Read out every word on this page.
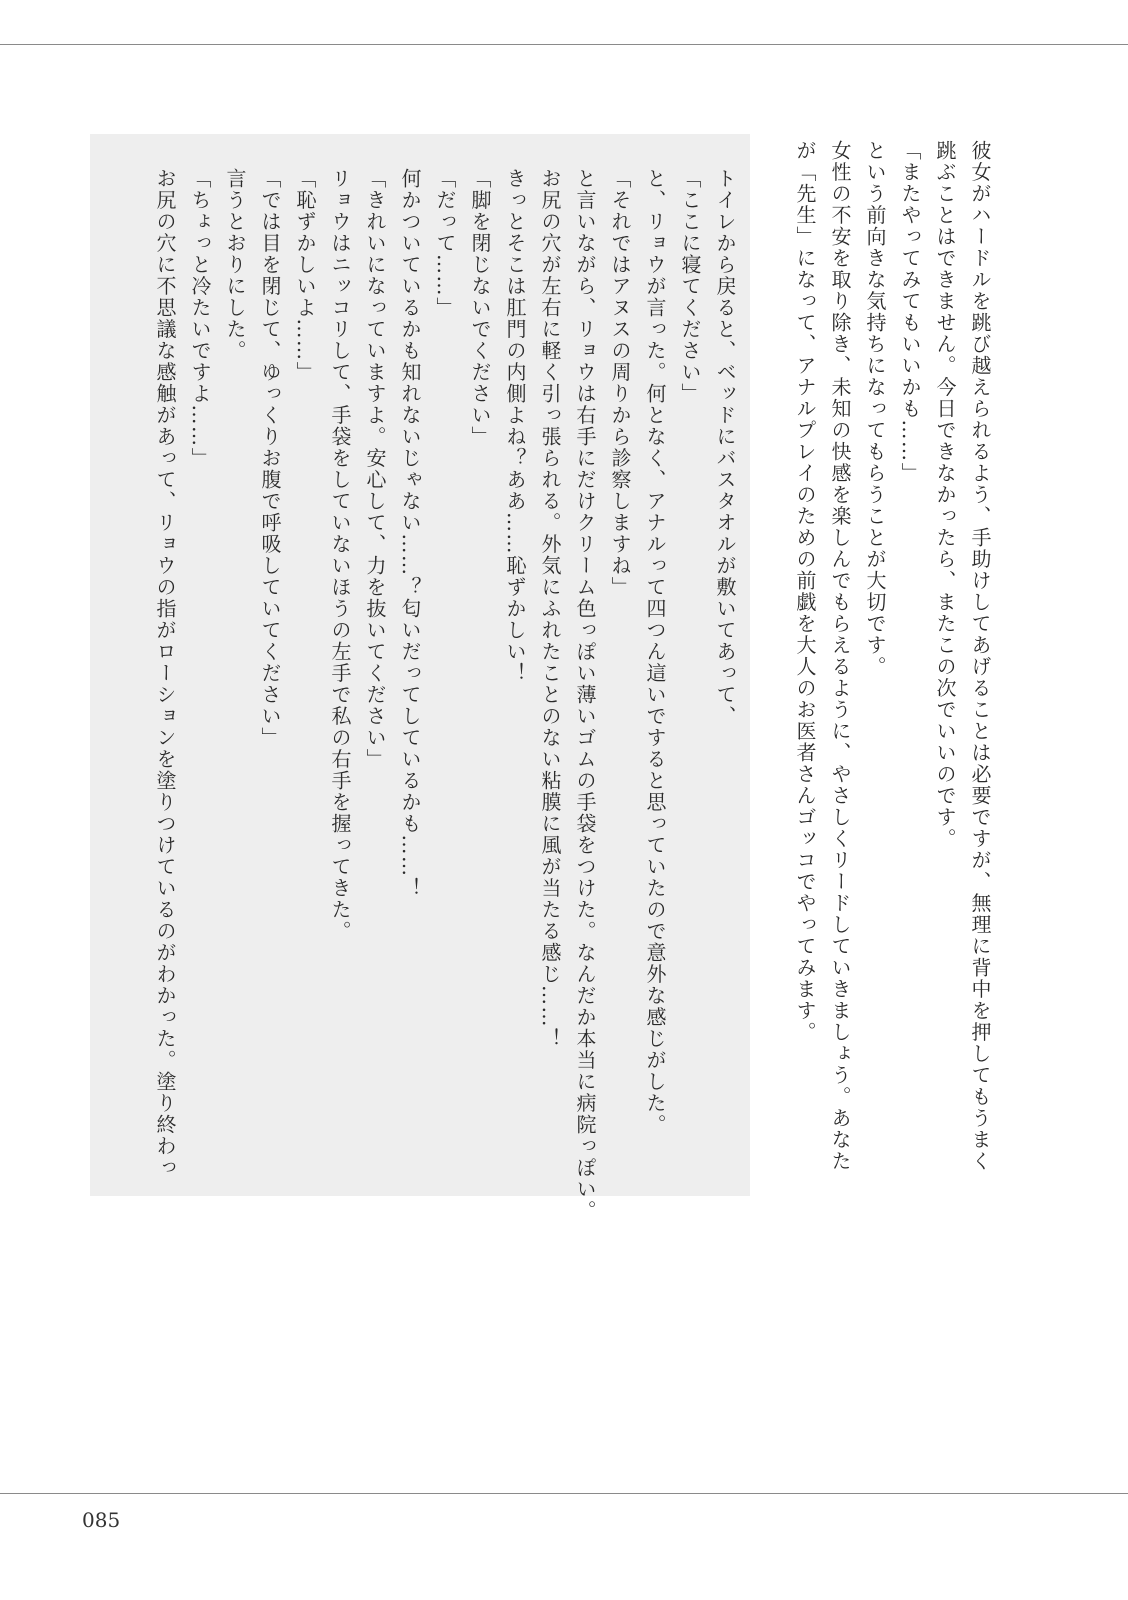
彼女がハードルを跳び越えられるよう、手助けしてあげることは必要ですが、無理に背中を押してもうまく
跳ぶことはできません。今日できなかったら、またこの次でいいのです。
「またやってみてもいいかも……」
という前向きな気持ちになってもらうことが大切です。
女性の不安を取り除き、未知の快感を楽しんでもらえるように、やさしくリードしていきましょう。あなた
が「先生」になって、アナルプレイのための前戯を大人のお医者さんゴッコでやってみます。

トイレから戻ると、ベッドにバスタオルが敷いてあって、
「ここに寝てください」
と、リョウが言った。何となく、アナルって四つん這いですると思っていたので意外な感じがした。
「それではアヌスの周りから診察しますね」
と言いながら、リョウは右手にだけクリーム色っぽい薄いゴムの手袋をつけた。なんだか本当に病院っぽい。
お尻の穴が左右に軽く引っ張られる。外気にふれたことのない粘膜に風が当たる感じ……！
きっとそこは肛門の内側よね？ああ……恥ずかしい！
「脚を閉じないでください」
「だって……」
何かついているかも知れないじゃない……？匂いだってしているかも……！
「きれいになっていますよ。安心して、力を抜いてください」
リョウはニッコリして、手袋をしていないほうの左手で私の右手を握ってきた。
「恥ずかしいよ……」
「では目を閉じて、ゆっくりお腹で呼吸していてください」
言うとおりにした。
「ちょっと冷たいですよ……」
お尻の穴に不思議な感触があって、リョウの指がローションを塗りつけているのがわかった。塗り終わっ

085
